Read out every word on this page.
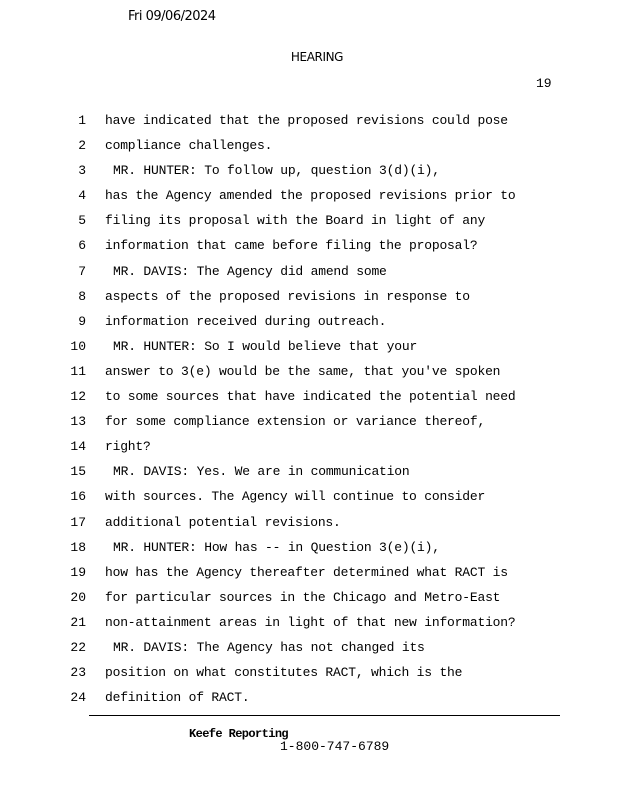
Fri 09/06/2024
HEARING
19
1 have indicated that the proposed revisions could pose
2 compliance challenges.
3 MR. HUNTER: To follow up, question 3(d)(i),
4 has the Agency amended the proposed revisions prior to
5 filing its proposal with the Board in light of any
6 information that came before filing the proposal?
7 MR. DAVIS: The Agency did amend some
8 aspects of the proposed revisions in response to
9 information received during outreach.
10 MR. HUNTER: So I would believe that your
11 answer to 3(e) would be the same, that you've spoken
12 to some sources that have indicated the potential need
13 for some compliance extension or variance thereof,
14 right?
15 MR. DAVIS: Yes. We are in communication
16 with sources. The Agency will continue to consider
17 additional potential revisions.
18 MR. HUNTER: How has -- in Question 3(e)(i),
19 how has the Agency thereafter determined what RACT is
20 for particular sources in the Chicago and Metro-East
21 non-attainment areas in light of that new information?
22 MR. DAVIS: The Agency has not changed its
23 position on what constitutes RACT, which is the
24 definition of RACT.
Keefe Reporting
1-800-747-6789
